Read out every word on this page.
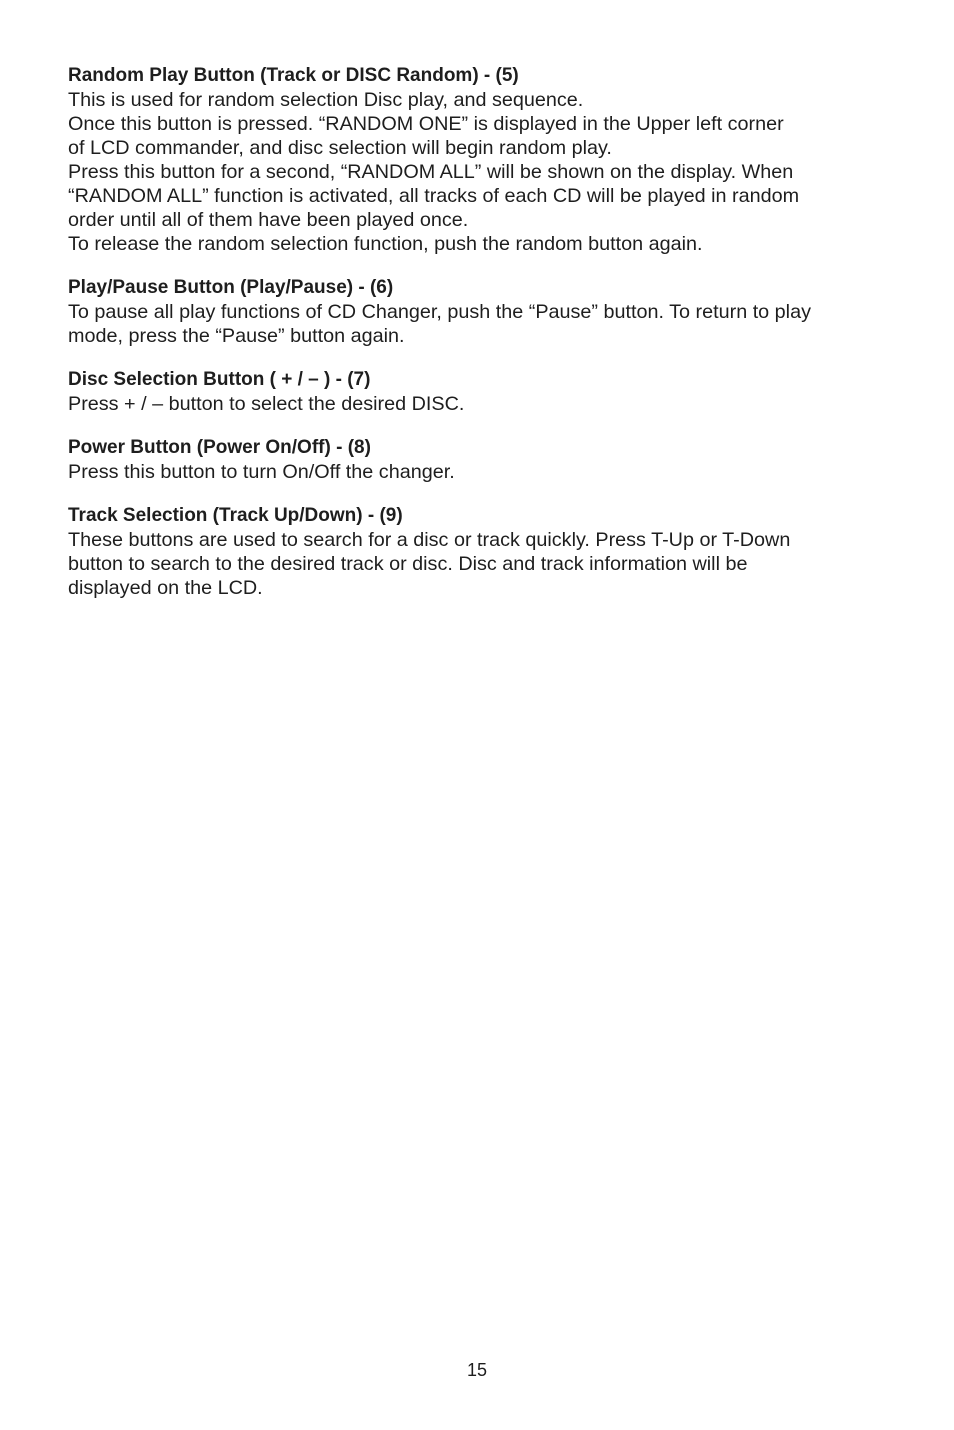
Random Play Button (Track or DISC Random) - (5)

This is used for random selection Disc play, and sequence.

Once this button is pressed. “RANDOM ONE” is displayed in the Upper left corner

of LCD commander, and disc selection will begin random play.

Press this button for a second, “RANDOM ALL” will be shown on the display. When

“RANDOM ALL” function is activated, all tracks of each CD will be played in random

order until all of them have been played once.

To release the random selection function, push the random button again.

Play/Pause Button (Play/Pause) - (6)

To pause all play functions of CD Changer, push the “Pause” button. To return to play

mode, press the “Pause” button again.

Disc Selection Button ( + / – ) - (7)

Press + / – button to select the desired DISC.

Power Button (Power On/Off) - (8)

Press this button to turn On/Off the changer.

Track Selection (Track Up/Down) - (9)

These buttons are used to search for a disc or track quickly. Press T-Up or T-Down

button to search to the desired track or disc. Disc and track information will be

displayed on the LCD.

15
